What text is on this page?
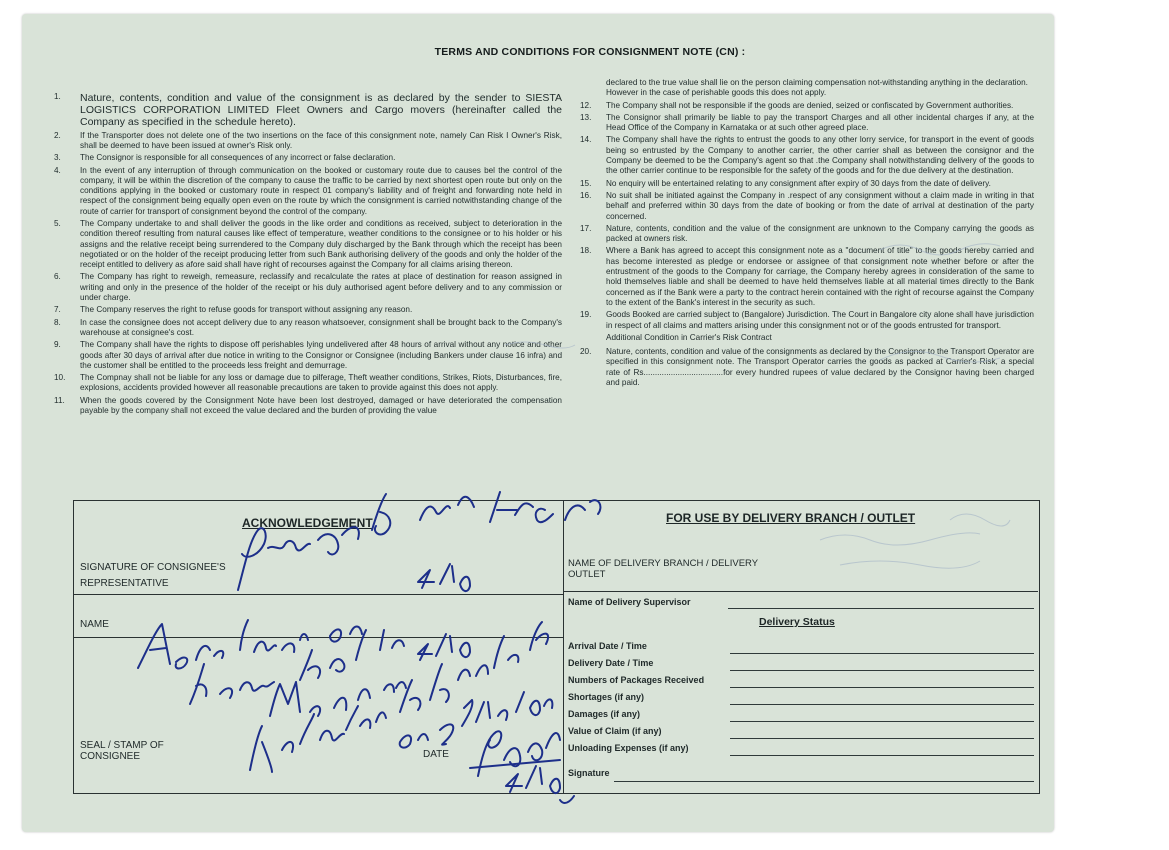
TERMS AND CONDITIONS FOR CONSIGNMENT NOTE (CN) :
1.	Nature, contents, condition and value of the consignment is as declared by the sender to SIESTA LOGISTICS CORPORATION LIMITED Fleet Owners and Cargo movers (hereinafter called the Company as specified in the schedule hereto).
2.	If the Transporter does not delete one of the two insertions on the face of this consignment note, namely Can Risk I Owner's Risk, shall be deemed to have been issued at owner's Risk only.
3.	The Consignor is responsible for all consequences of any incorrect or false declaration.
4.	In the event of any interruption of through communication on the booked or customary route due to causes bel the control of the company, it will be within the discretion of the company to cause the traffic to be carried by next shortest open route but only on the conditions applying in the booked or customary route in respect 01 company's liability and of freight and forwarding note held in respect of the consignment being equally open even on the route by which the consignment is carried notwithstanding change of the route of carrier for transport of consignment beyond the control of the company.
5.	The Company undertake to and shall deliver the goods in the like order and conditions as received, subject to deterioration in the condition thereof resulting from natural causes like effect of temperature, weather conditions to the consignee or to his holder or his assigns and the relative receipt being surrendered to the Company duly discharged by the Bank through which the receipt has been negotiated or on the holder of the receipt producing letter from such Bank authorising delivery of the goods and only the holder of the receipt entitled to delivery as afore said shall have right of recourses against the Company for all claims arising thereon.
6.	The Company has right to reweigh, remeasure, reclassify and recalculate the rates at place of destination for reason assigned in writing and only in the presence of the holder of the receipt or his duly authorised agent before delivery and to any commission or under charge.
7.	The Company reserves the right to refuse goods for transport without assigning any reason.
8.	In case the consignee does not accept delivery due to any reason whatsoever, consignment shall be brought back to the Company's warehouse at consignee's cost.
9.	The Company shall have the rights to dispose off perishables lying undelivered after 48 hours of arrival without any notice and other goods after 30 days of arrival after due notice in writing to the Consignor or Consignee (including Bankers under clause 16 infra) and the customer shall be entitled to the proceeds less freight and demurrage.
10.	The Compnay shall not be liable for any loss or damage due to pilferage, Theft weather conditions, Strikes, Riots, Disturbances, fire, explosions, accidents provided however all reasonable precautions are taken to provide against this does not apply.
11.	When the goods covered by the Consignment Note have been lost destroyed, damaged or have deteriorated the compensation payable by the company shall not exceed the value declared and the burden of providing the value
declared to the true value shall lie on the person claiming compensation not-withstanding anything in the declaration. However in the case of perishable goods this does not apply.
12.	The Company shall not be responsible if the goods are denied, seized or confiscated by Government authorities.
13.	The Consignor shall primarily be liable to pay the transport Charges and all other incidental charges if any, at the Head Office of the Company in Karnataka or at such other agreed place.
14.	The Company shall have the rights to entrust the goods to any other lorry service, for transport in the event of goods being so entrusted by the Company to another carrier, the other carrier shall as between the consignor and the Company be deemed to be the Company's agent so that .the Company shall notwithstanding delivery of the goods to the other carrier continue to be responsible for the safety of the goods and for the due delivery at the destination.
15.	No enquiry will be entertained relating to any consignment after expiry of 30 days from the date of delivery.
16.	No suit shall be initiated against the Company in .respect of any consignment without a claim made in writing in that behalf and preferred within 30 days from the date of booking or from the date of arrival at destination of the party concerned.
17.	Nature, contents, condition and the value of the consignment are unknown to the Company carrying the goods as packed at owners risk.
18.	Where a Bank has agreed to accept this consignment note as a "document of title" to the goods hereby carried and has become interested as pledge or endorsee or assignee of that consignment note whether before or after the entrustment of the goods to the Company for carriage, the Company hereby agrees in consideration of the same to hold themselves liable and shall be deemed to have held themselves liable at all material times directly to the Bank concerned as if the Bank were a party to the contract herein contained with the right of recourse against the Company to the extent of the Bank's interest in the security as such.
19.	Goods Booked are carried subject to (Bangalore) Jurisdiction. The Court in Bangalore city alone shall have jurisdiction in respect of all claims and matters arising under this consignment not or of the goods entrusted for transport.
Additional Condition in Carrier's Risk Contract
20.	Nature, contents, condition and value of the consignments as declared by the Consignor to the Transport Operator are specified in this consignment note. The Transport Operator carries the goods as packed at Carrier's Risk, a special rate of Rs...................................for every hundred rupees of value declared by the Consignor having been charged and paid.
ACKNOWLEDGEMENT	FOR USE BY DELIVERY BRANCH / OUTLET
SIGNATURE OF CONSIGNEE'S
REPRESENTATIVE
NAME
SEAL / STAMP OF
CONSIGNEE	DATE
NAME OF DELIVERY BRANCH / DELIVERY
OUTLET
Name of Delivery Supervisor
Delivery Status
Arrival Date / Time
Delivery Date / Time
Numbers of Packages Received
Shortages (if any)
Damages (if any)
Value of Claim (if any)
Unloading Expenses (if any)
Signature
